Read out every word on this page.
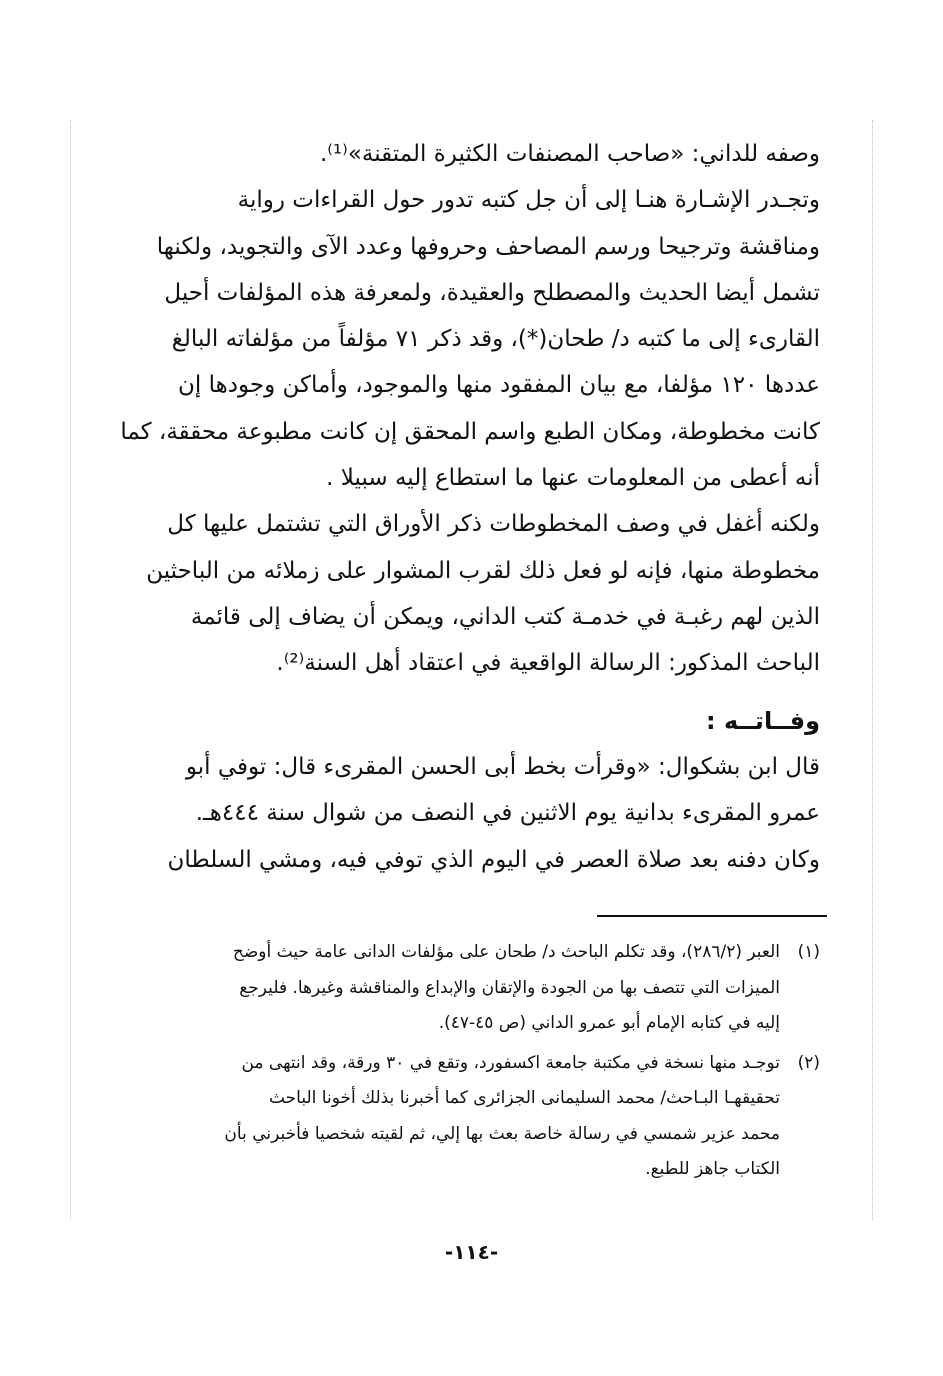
وصفه للداني: «صاحب المصنفات الكثيرة المتقنة»⁽¹⁾.

وتجـدر الإشـارة هنـا إلى أن جل كتبه تدور حول القراءات رواية

ومناقشة وترجيحا ورسم المصاحف وحروفها وعدد الآى والتجويد، ولكنها

تشمل أيضا الحديث والمصطلح والعقيدة، ولمعرفة هذه المؤلفات أحيل

القارىء إلى ما كتبه د/ طحان(*)، وقد ذكر ٧١ مؤلفاً من مؤلفاته البالغ

عددها ١٢٠ مؤلفا، مع بيان المفقود منها والموجود، وأماكن وجودها إن

كانت مخطوطة، ومكان الطبع واسم المحقق إن كانت مطبوعة محققة، كما

أنه أعطى من المعلومات عنها ما استطاع إليه سبيلا .

ولكنه أغفل في وصف المخطوطات ذكر الأوراق التي تشتمل عليها كل

مخطوطة منها، فإنه لو فعل ذلك لقرب المشوار على زملائه من الباحثين

الذين لهم رغبـة في خدمـة كتب الداني، ويمكن أن يضاف إلى قائمة

الباحث المذكور: الرسالة الواقعية في اعتقاد أهل السنة⁽²⁾.

وفــاتــه :

قال ابن بشكوال: «وقرأت بخط أبى الحسن المقرىء قال: توفي أبو

عمرو المقرىء بدانية يوم الاثنين في النصف من شوال سنة ٤٤٤هـ.

وكان دفنه بعد صلاة العصر في اليوم الذي توفي فيه، ومشي السلطان

(١)

العبر (٢٨٦/٢)، وقد تكلم الباحث د/ طحان على مؤلفات الدانى عامة حيث أوضح

الميزات التي تتصف بها من الجودة والإتقان والإبداع والمناقشة وغيرها. فليرجع

إليه في كتابه الإمام أبو عمرو الداني (ص ٤٥-٤٧).

(٢)

توجـد منها نسخة في مكتبة جامعة اكسفورد، وتقع في ٣٠ ورقة، وقد انتهى من

تحقيقهـا البـاحث/ محمد السليمانى الجزائرى كما أخبرنا بذلك أخونا الباحث

محمد عزير شمسي في رسالة خاصة بعث بها إلي، ثم لقيته شخصيا فأخبرني بأن

الكتاب جاهز للطبع.

-١١٤-
